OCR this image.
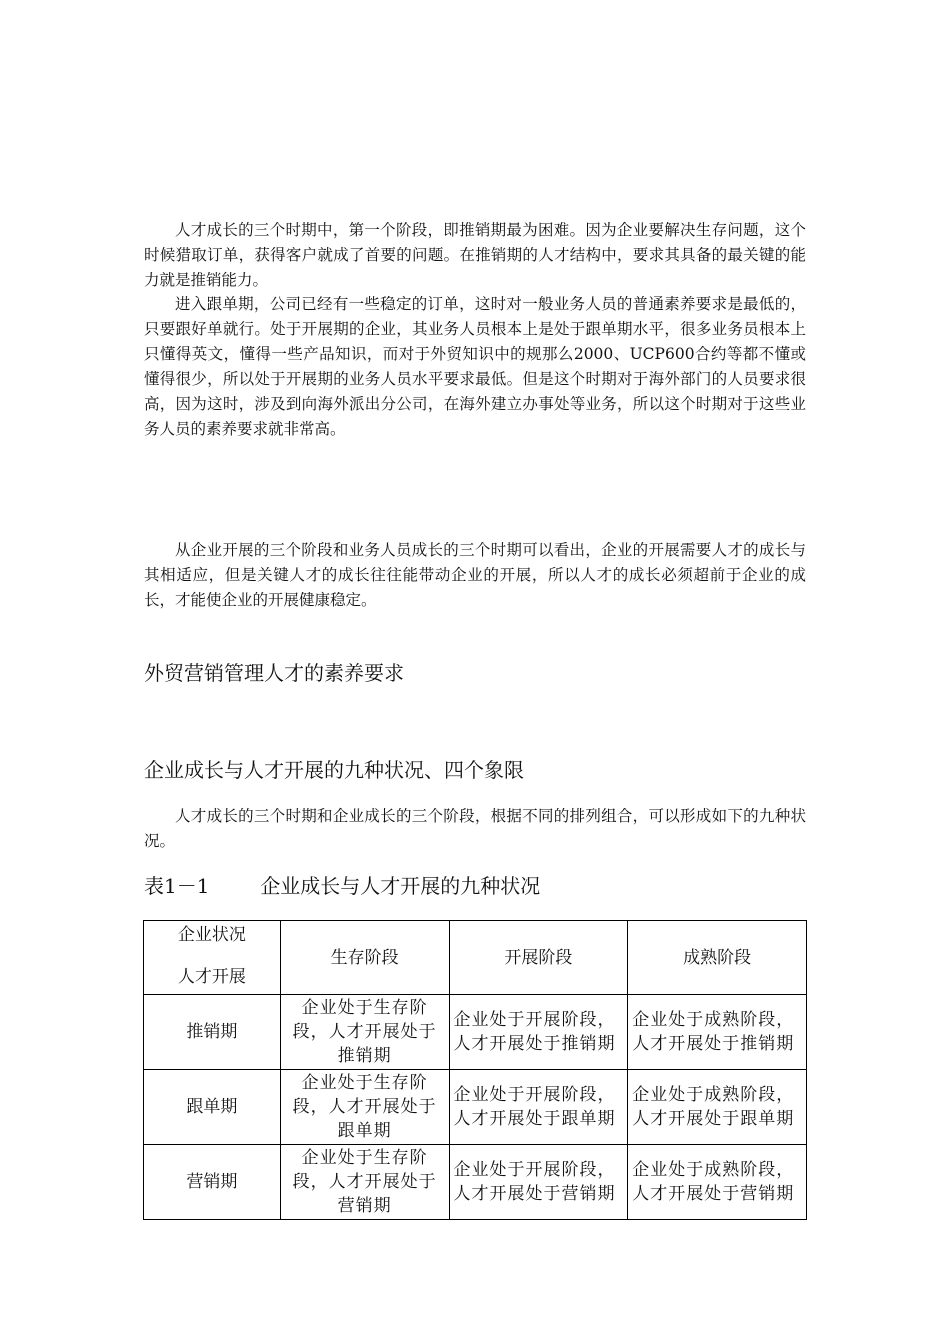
人才成长的三个时期中，第一个阶段，即推销期最为困难。因为企业要解决生存问题，这个时候猎取订单，获得客户就成了首要的问题。在推销期的人才结构中，要求其具备的最关键的能力就是推销能力。

进入跟单期，公司已经有一些稳定的订单，这时对一般业务人员的普通素养要求是最低的，只要跟好单就行。处于开展期的企业，其业务人员根本上是处于跟单期水平，很多业务员根本上只懂得英文，懂得一些产品知识，而对于外贸知识中的规那么2000、UCP600合约等都不懂或懂得很少，所以处于开展期的业务人员水平要求最低。但是这个时期对于海外部门的人员要求很高，因为这时，涉及到向海外派出分公司，在海外建立办事处等业务，所以这个时期对于这些业务人员的素养要求就非常高。

从企业开展的三个阶段和业务人员成长的三个时期可以看出，企业的开展需要人才的成长与其相适应，但是关键人才的成长往往能带动企业的开展，所以人才的成长必须超前于企业的成长，才能使企业的开展健康稳定。

外贸营销管理人才的素养要求
企业成长与人才开展的九种状况、四个象限

人才成长的三个时期和企业成长的三个阶段，根据不同的排列组合，可以形成如下的九种状况。

表1－1	企业成长与人才开展的九种状况
企业状况
人才开展	生存阶段	开展阶段	成熟阶段
推销期	企业处于生存阶段，人才开展处于推销期	企业处于开展阶段，人才开展处于推销期	企业处于成熟阶段，人才开展处于推销期
跟单期	企业处于生存阶段，人才开展处于跟单期	企业处于开展阶段，人才开展处于跟单期	企业处于成熟阶段，人才开展处于跟单期
营销期	企业处于生存阶段，人才开展处于营销期	企业处于开展阶段，人才开展处于营销期	企业处于成熟阶段，人才开展处于营销期
